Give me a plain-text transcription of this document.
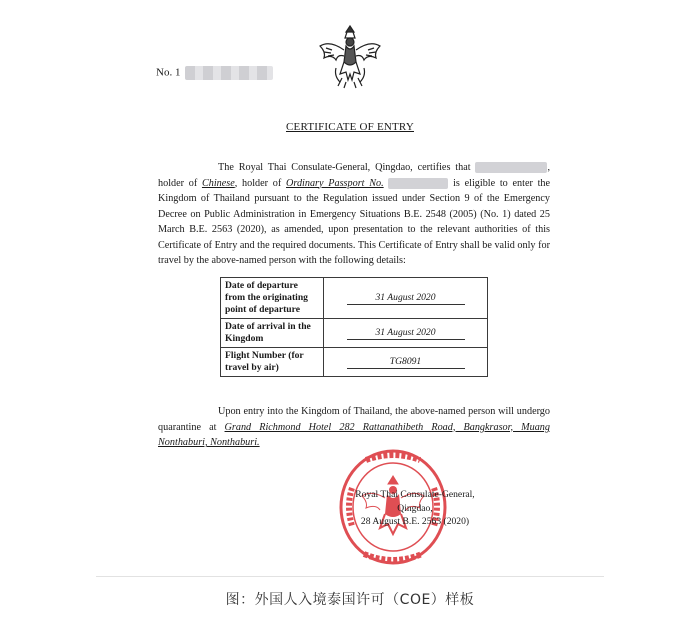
No. 1
CERTIFICATE OF ENTRY

The Royal Thai Consulate-General, Qingdao, certifies that	, holder of Chinese, holder of Ordinary Passport No.	is eligible to enter the Kingdom of Thailand pursuant to the Regulation issued under Section 9 of the Emergency Decree on Public Administration in Emergency Situations B.E. 2548 (2005) (No. 1) dated 25 March B.E. 2563 (2020), as amended, upon presentation to the relevant authorities of this Certificate of Entry and the required documents. This Certificate of Entry shall be valid only for travel by the above-named person with the following details:

Date of departure from the originating point of departure	31 August 2020
Date of arrival in the Kingdom	31 August 2020
Flight Number (for travel by air)	TG8091

Upon entry into the Kingdom of Thailand, the above-named person will undergo quarantine at Grand Richmond Hotel 282 Rattanathibeth Road, Bangkrasor, Muang Nonthaburi, Nonthaburi.

Royal Thai Consulate-General,
Qingdao,
28 August B.E. 2563 (2020)
图：外国人入境泰国许可（COE）样板
